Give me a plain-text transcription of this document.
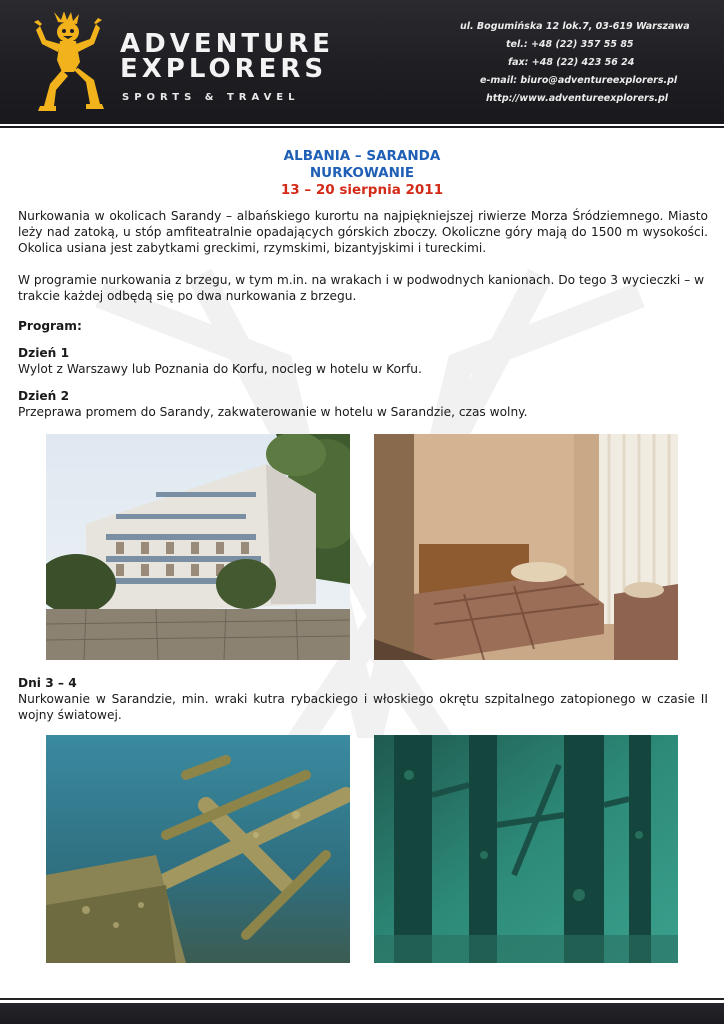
ADVENTURE
EXPLORERS
SPORTS & TRAVEL
ul. Bogumińska 12 lok.7, 03-619 Warszawa
tel.: +48 (22) 357 55 85
fax: +48 (22) 423 56 24
e-mail: biuro@adventureexplorers.pl
http://www.adventureexplorers.pl
ALBANIA – SARANDA
NURKOWANIE
13 – 20 sierpnia 2011

Nurkowania w okolicach Sarandy – albańskiego kurortu na najpiękniejszej riwierze Morza Śródziemnego. Miasto leży nad zatoką, u stóp amfiteatralnie opadających górskich zboczy. Okoliczne góry mają do 1500 m wysokości. Okolica usiana jest zabytkami greckimi, rzymskimi, bizantyjskimi i tureckimi.

W programie nurkowania z brzegu, w tym m.in. na wrakach i w podwodnych kanionach. Do tego 3 wycieczki – w trakcie każdej odbędą się po dwa nurkowania z brzegu.

Program:

Dzień 1

Wylot z Warszawy lub Poznania do Korfu, nocleg w hotelu w Korfu.

Dzień 2

Przeprawa promem do Sarandy, zakwaterowanie w hotelu w Sarandzie, czas wolny.

Dni 3 – 4

Nurkowanie w Sarandzie, min. wraki kutra rybackiego i włoskiego okrętu szpitalnego zatopionego w czasie II wojny światowej.
